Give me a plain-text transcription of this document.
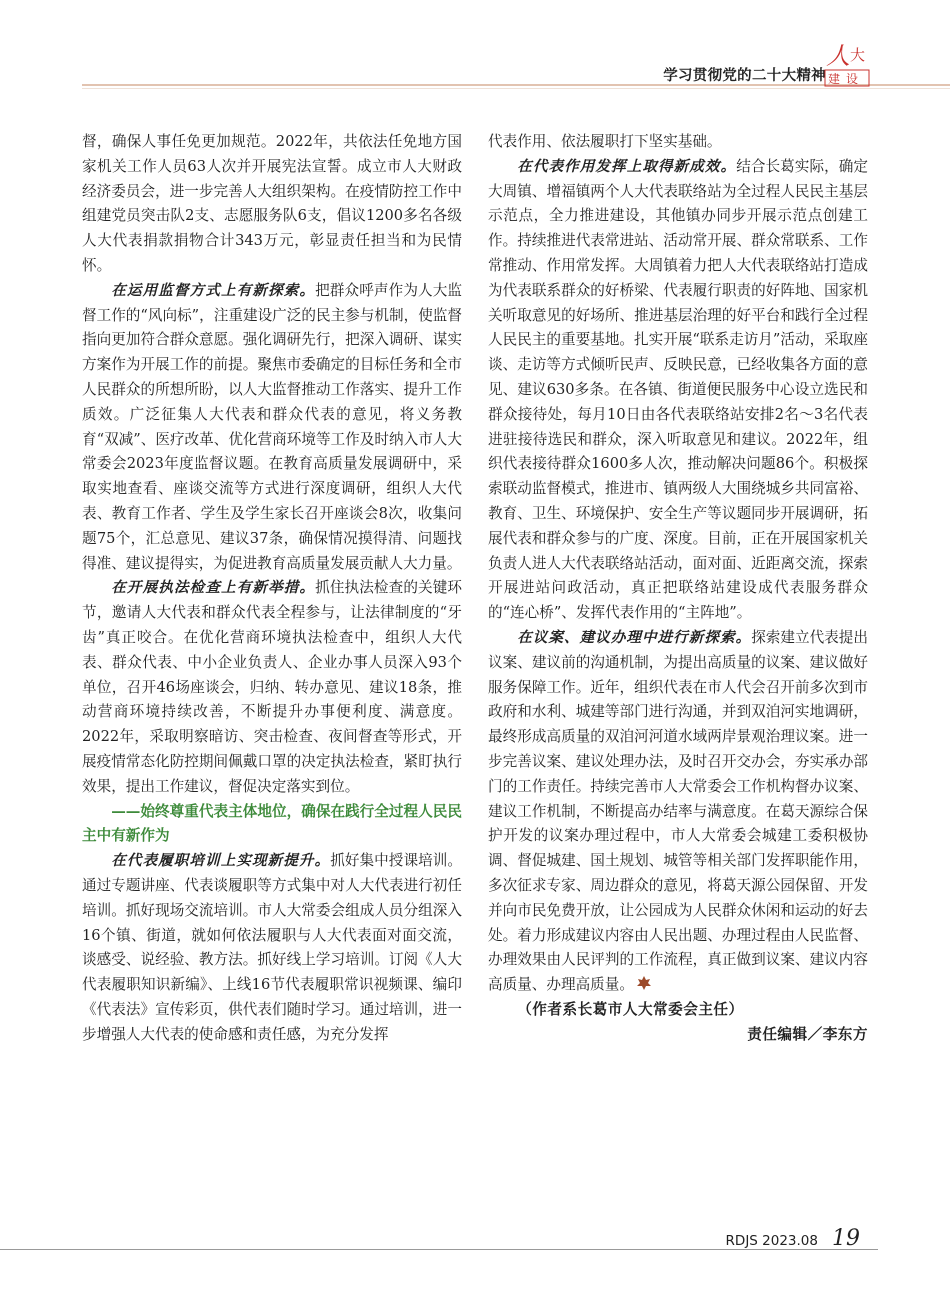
学习贯彻党的二十大精神
人 大
建设

督，确保人事任免更加规范。2022年，共依法任免地方国家机关工作人员63人次并开展宪法宣誓。成立市人大财政经济委员会，进一步完善人大组织架构。在疫情防控工作中组建党员突击队2支、志愿服务队6支，倡议1200多名各级人大代表捐款捐物合计343万元，彰显责任担当和为民情怀。

在运用监督方式上有新探索。把群众呼声作为人大监督工作的“风向标”，注重建设广泛的民主参与机制，使监督指向更加符合群众意愿。强化调研先行，把深入调研、谋实方案作为开展工作的前提。聚焦市委确定的目标任务和全市人民群众的所想所盼，以人大监督推动工作落实、提升工作质效。广泛征集人大代表和群众代表的意见，将义务教育“双减”、医疗改革、优化营商环境等工作及时纳入市人大常委会2023年度监督议题。在教育高质量发展调研中，采取实地查看、座谈交流等方式进行深度调研，组织人大代表、教育工作者、学生及学生家长召开座谈会8次，收集问题75个，汇总意见、建议37条，确保情况摸得清、问题找得准、建议提得实，为促进教育高质量发展贡献人大力量。

在开展执法检查上有新举措。抓住执法检查的关键环节，邀请人大代表和群众代表全程参与，让法律制度的“牙齿”真正咬合。在优化营商环境执法检查中，组织人大代表、群众代表、中小企业负责人、企业办事人员深入93个单位，召开46场座谈会，归纳、转办意见、建议18条，推动营商环境持续改善，不断提升办事便利度、满意度。2022年，采取明察暗访、突击检查、夜间督查等形式，开展疫情常态化防控期间佩戴口罩的决定执法检查，紧盯执行效果，提出工作建议，督促决定落实到位。

——始终尊重代表主体地位，确保在践行全过程人民民主中有新作为

在代表履职培训上实现新提升。抓好集中授课培训。通过专题讲座、代表谈履职等方式集中对人大代表进行初任培训。抓好现场交流培训。市人大常委会组成人员分组深入16个镇、街道，就如何依法履职与人大代表面对面交流，谈感受、说经验、教方法。抓好线上学习培训。订阅《人大代表履职知识新编》、上线16节代表履职常识视频课、编印《代表法》宣传彩页，供代表们随时学习。通过培训，进一步增强人大代表的使命感和责任感，为充分发挥

代表作用、依法履职打下坚实基础。

在代表作用发挥上取得新成效。结合长葛实际，确定大周镇、增福镇两个人大代表联络站为全过程人民民主基层示范点，全力推进建设，其他镇办同步开展示范点创建工作。持续推进代表常进站、活动常开展、群众常联系、工作常推动、作用常发挥。大周镇着力把人大代表联络站打造成为代表联系群众的好桥梁、代表履行职责的好阵地、国家机关听取意见的好场所、推进基层治理的好平台和践行全过程人民民主的重要基地。扎实开展“联系走访月”活动，采取座谈、走访等方式倾听民声、反映民意，已经收集各方面的意见、建议630多条。在各镇、街道便民服务中心设立选民和群众接待处，每月10日由各代表联络站安排2名～3名代表进驻接待选民和群众，深入听取意见和建议。2022年，组织代表接待群众1600多人次，推动解决问题86个。积极探索联动监督模式，推进市、镇两级人大围绕城乡共同富裕、教育、卫生、环境保护、安全生产等议题同步开展调研，拓展代表和群众参与的广度、深度。目前，正在开展国家机关负责人进人大代表联络站活动，面对面、近距离交流，探索开展进站问政活动，真正把联络站建设成代表服务群众的“连心桥”、发挥代表作用的“主阵地”。

在议案、建议办理中进行新探索。探索建立代表提出议案、建议前的沟通机制，为提出高质量的议案、建议做好服务保障工作。近年，组织代表在市人代会召开前多次到市政府和水利、城建等部门进行沟通，并到双洎河实地调研，最终形成高质量的双洎河河道水域两岸景观治理议案。进一步完善议案、建议处理办法，及时召开交办会，夯实承办部门的工作责任。持续完善市人大常委会工作机构督办议案、建议工作机制，不断提高办结率与满意度。在葛天源综合保护开发的议案办理过程中，市人大常委会城建工委积极协调、督促城建、国土规划、城管等相关部门发挥职能作用，多次征求专家、周边群众的意见，将葛天源公园保留、开发并向市民免费开放，让公园成为人民群众休闲和运动的好去处。着力形成建议内容由人民出题、办理过程由人民监督、办理效果由人民评判的工作流程，真正做到议案、建议内容高质量、办理高质量。

（作者系长葛市人大常委会主任）

责任编辑／李东方

RDJS 2023.08 19
